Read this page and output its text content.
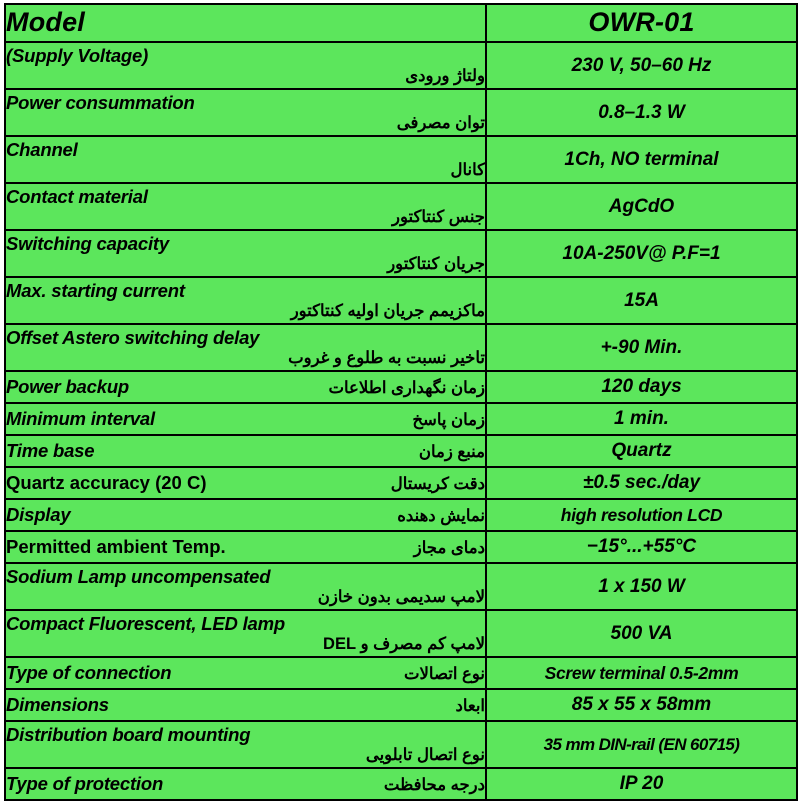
Model	OWR-01

(Supply Voltage)
ولتاژ ورودی	230 V, 50–60 Hz

Power consummation
توان مصرفی	0.8–1.3 W

Channel
کانال	1Ch, NO terminal

Contact material
جنس کنتاکتور	AgCdO

Switching capacity
جریان کنتاکتور	10A-250V@ P.F=1

Max. starting current
ماکزیمم جریان اولیه کنتاکتور	15A

Offset Astero switching delay
تاخیر نسبت به طلوع و غروب	+-90 Min.

Power backup زمان نگهداری اطلاعات	120 days

Minimum interval زمان پاسخ	1 min.

Time base منبع زمان	Quartz

Quartz accuracy (20 C) دقت کریستال	±0.5 sec./day

Display نمایش دهنده	high resolution LCD

Permitted ambient Temp. دمای مجاز	−15°...+55°C

Sodium Lamp uncompensated
لامپ سدیمی بدون خازن	1 x 150 W

Compact Fluorescent, LED lamp
لامپ کم مصرف و LED	500 VA

Type of connection نوع اتصالات	Screw terminal 0.5-2mm

Dimensions ابعاد	85 x 55 x 58mm

Distribution board mounting
نوع اتصال تابلویی	35 mm DIN-rail (EN 60715)

Type of protection درجه محافظت	IP 20
